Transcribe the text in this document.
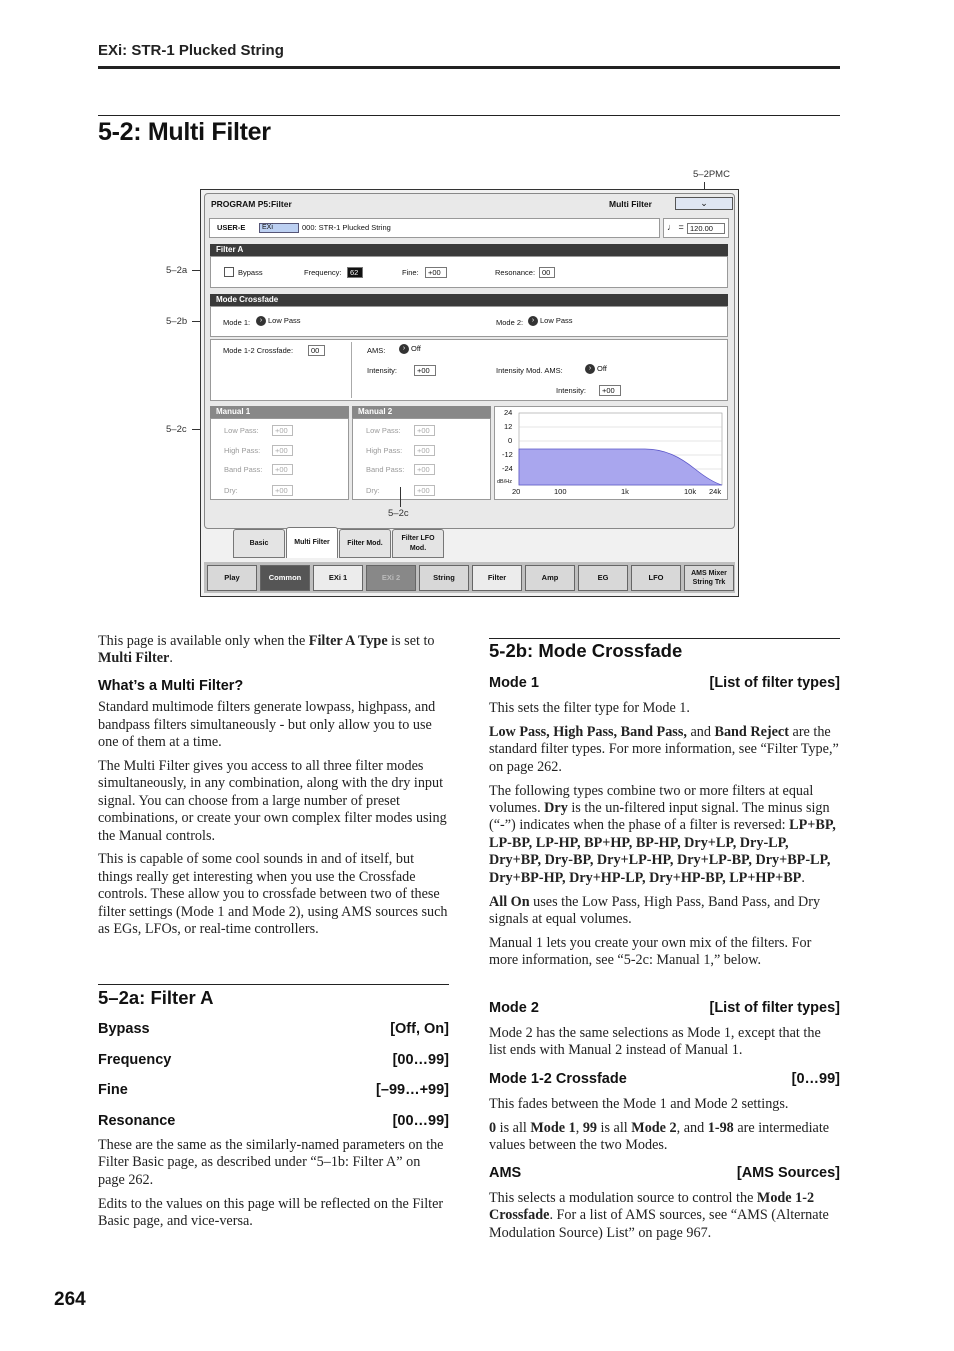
EXi: STR-1 Plucked String
5-2: Multi Filter
5–2PMC
5–2a
5–2b
5–2c
PROGRAM P5:Filter	Multi Filter	⌄
USER-E	EXi	000: STR-1 Plucked String	♩ = 120.00
Filter A
Bypass	Frequency:	62	Fine:	+00	Resonance: 00
Mode Crossfade
Mode 1:	› Low Pass	Mode 2:	› Low Pass
Mode 1-2 Crossfade:	00	AMS:	› Off
Intensity:	+00	Intensity Mod. AMS:	› Off
Intensity:	+00
Manual 1
Low Pass:	+00
High Pass:	+00
Band Pass:	+00
Dry:	+00
Manual 2
Low Pass:	+00
High Pass:	+00
Band Pass:	+00
Dry:	+00
24
12
0
-12
-24
dB/Hz
20	100	1k	10k 24k
Basic	Multi Filter	Filter Mod.
Filter LFO Mod.
Play	Common	EXi 1	EXi 2	String	Filter	Amp	EG	LFO	AMS Mixer String Trk
5–2c

This page is available only when the Filter A Type is set to Multi Filter.

What’s a Multi Filter?

Standard multimode filters generate lowpass, highpass, and bandpass filters simultaneously - but only allow you to use one of them at a time.

The Multi Filter gives you access to all three filter modes simultaneously, in any combination, along with the dry input signal. You can choose from a large number of preset combinations, or create your own complex filter modes using the Manual controls.

This is capable of some cool sounds in and of itself, but things really get interesting when you use the Crossfade controls. These allow you to crossfade between two of these filter settings (Mode 1 and Mode 2), using AMS sources such as EGs, LFOs, or real-time controllers.

5–2a: Filter A
Bypass	[Off, On]
Frequency	[00…99]
Fine	[–99…+99]
Resonance	[00…99]

These are the same as the similarly-named parameters on the Filter Basic page, as described under “5–1b: Filter A” on page 262.

Edits to the values on this page will be reflected on the Filter Basic page, and vice-versa.

5-2b: Mode Crossfade
Mode 1	[List of filter types]

This sets the filter type for Mode 1.

Low Pass, High Pass, Band Pass, and Band Reject are the standard filter types. For more information, see “Filter Type,” on page 262.

The following types combine two or more filters at equal volumes. Dry is the un-filtered input signal. The minus sign (“-”) indicates when the phase of a filter is reversed: LP+BP, LP-BP, LP-HP, BP+HP, BP-HP, Dry+LP, Dry-LP, Dry+BP, Dry-BP, Dry+LP-HP, Dry+LP-BP, Dry+BP-LP, Dry+BP-HP, Dry+HP-LP, Dry+HP-BP, LP+HP+BP.

All On uses the Low Pass, High Pass, Band Pass, and Dry signals at equal volumes.

Manual 1 lets you create your own mix of the filters. For more information, see “5-2c: Manual 1,” below.

Mode 2	[List of filter types]

Mode 2 has the same selections as Mode 1, except that the list ends with Manual 2 instead of Manual 1.

Mode 1-2 Crossfade	[0…99]

This fades between the Mode 1 and Mode 2 settings.

0 is all Mode 1, 99 is all Mode 2, and 1-98 are intermediate values between the two Modes.

AMS	[AMS Sources]

This selects a modulation source to control the Mode 1-2 Crossfade. For a list of AMS sources, see “AMS (Alternate Modulation Source) List” on page 967.

264
